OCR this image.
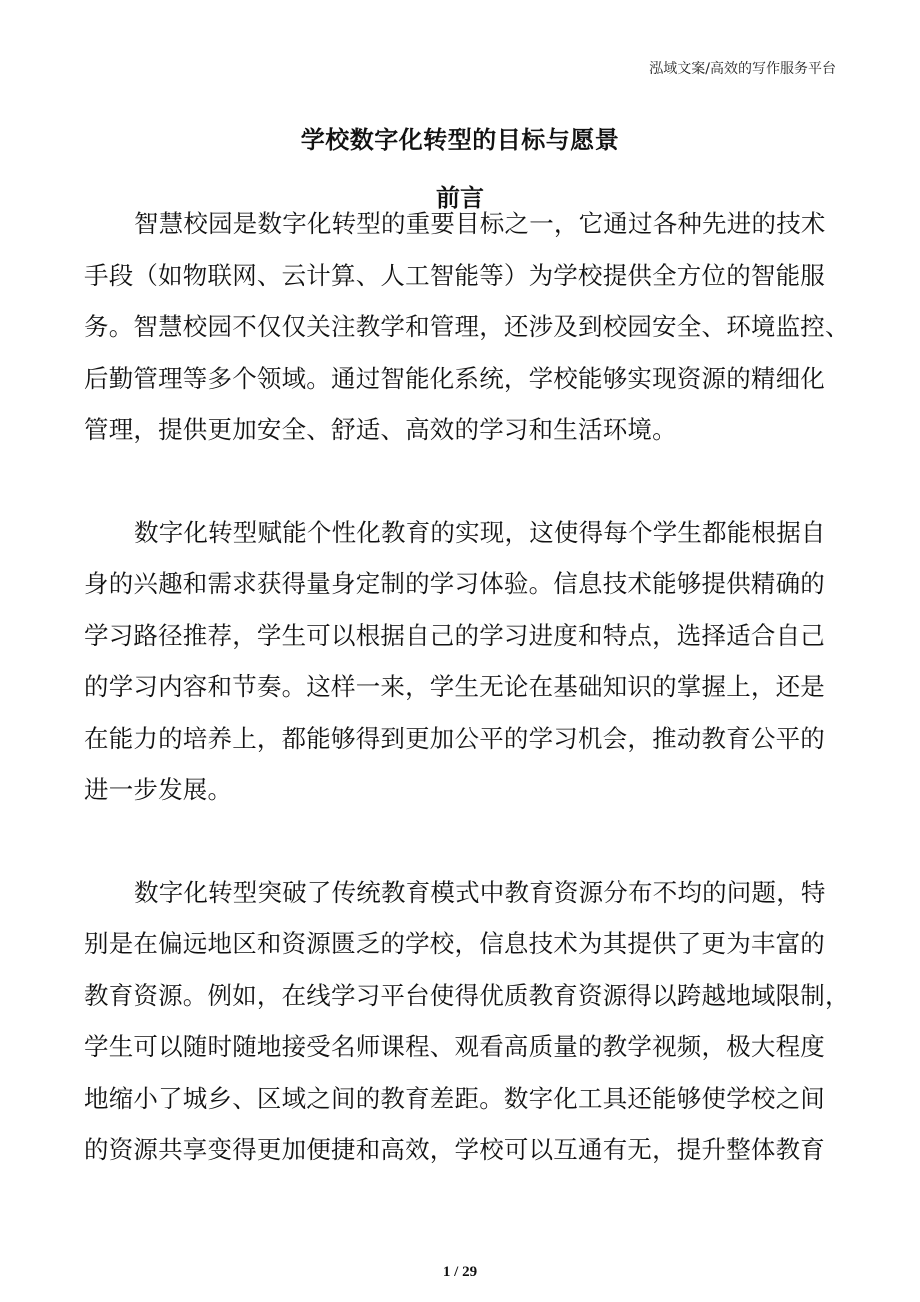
泓域文案/高效的写作服务平台
学校数字化转型的目标与愿景
前言
智慧校园是数字化转型的重要目标之一，它通过各种先进的技术
手段（如物联网、云计算、人工智能等）为学校提供全方位的智能服
务。智慧校园不仅仅关注教学和管理，还涉及到校园安全、环境监控、
后勤管理等多个领域。通过智能化系统，学校能够实现资源的精细化
管理，提供更加安全、舒适、高效的学习和生活环境。
数字化转型赋能个性化教育的实现，这使得每个学生都能根据自
身的兴趣和需求获得量身定制的学习体验。信息技术能够提供精确的
学习路径推荐，学生可以根据自己的学习进度和特点，选择适合自己
的学习内容和节奏。这样一来，学生无论在基础知识的掌握上，还是
在能力的培养上，都能够得到更加公平的学习机会，推动教育公平的
进一步发展。
数字化转型突破了传统教育模式中教育资源分布不均的问题，特
别是在偏远地区和资源匮乏的学校，信息技术为其提供了更为丰富的
教育资源。例如，在线学习平台使得优质教育资源得以跨越地域限制，
学生可以随时随地接受名师课程、观看高质量的教学视频，极大程度
地缩小了城乡、区域之间的教育差距。数字化工具还能够使学校之间
的资源共享变得更加便捷和高效，学校可以互通有无，提升整体教育
1 / 29
